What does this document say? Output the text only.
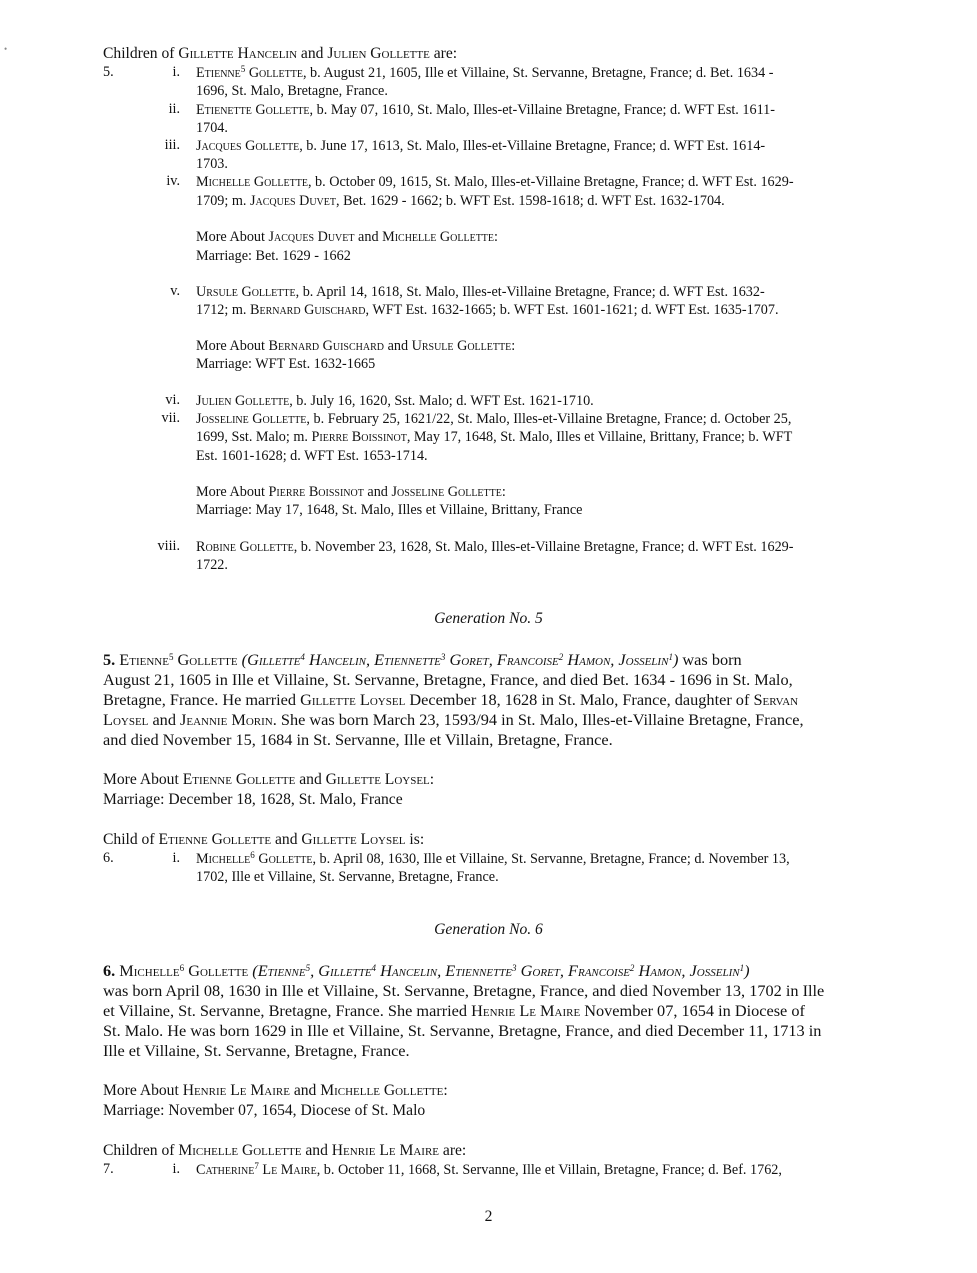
•	Children of Gillette Hancelin and Julien Gollette are:
5.	i. Etienne$^5$ Gollette, b. August 21, 1605, Ille et Villaine, St. Servanne, Bretagne, France; d. Bet. 1634 -
1696, St. Malo, Bretagne, France.
ii. Etienette Gollette, b. May 07, 1610, St. Malo, Illes-et-Villaine Bretagne, France; d. WFT Est. 1611-
1704.
iii. Jacques Gollette, b. June 17, 1613, St. Malo, Illes-et-Villaine Bretagne, France; d. WFT Est. 1614-
1703.
iv. Michelle Gollette, b. October 09, 1615, St. Malo, Illes-et-Villaine Bretagne, France; d. WFT Est. 1629-
1709; m. Jacques Duvet, Bet. 1629 - 1662; b. WFT Est. 1598-1618; d. WFT Est. 1632-1704.
More About Jacques Duvet and Michelle Gollette:
Marriage: Bet. 1629 - 1662
v. Ursule Gollette, b. April 14, 1618, St. Malo, Illes-et-Villaine Bretagne, France; d. WFT Est. 1632-
1712; m. Bernard Guischard, WFT Est. 1632-1665; b. WFT Est. 1601-1621; d. WFT Est. 1635-1707.
More About Bernard Guischard and Ursule Gollette:
Marriage: WFT Est. 1632-1665
vi. Julien Gollette, b. July 16, 1620, Sst. Malo; d. WFT Est. 1621-1710.
vii. Josseline Gollette, b. February 25, 1621/22, St. Malo, Illes-et-Villaine Bretagne, France; d. October 25,
1699, Sst. Malo; m. Pierre Boissinot, May 17, 1648, St. Malo, Illes et Villaine, Brittany, France; b. WFT
Est. 1601-1628; d. WFT Est. 1653-1714.
More About Pierre Boissinot and Josseline Gollette:
Marriage: May 17, 1648, St. Malo, Illes et Villaine, Brittany, France
viii. Robine Gollette, b. November 23, 1628, St. Malo, Illes-et-Villaine Bretagne, France; d. WFT Est. 1629-
1722.
Generation No. 5
5. Etienne$^5$ Gollette (Gillette$^4$ Hancelin, Etiennette$^3$ Goret, Francoise$^2$ Hamon, Josselin$^1$) was born
August 21, 1605 in Ille et Villaine, St. Servanne, Bretagne, France, and died Bet. 1634 - 1696 in St. Malo,
Bretagne, France. He married Gillette Loysel December 18, 1628 in St. Malo, France, daughter of Servan
Loysel and Jeannie Morin. She was born March 23, 1593/94 in St. Malo, Illes-et-Villaine Bretagne, France,
and died November 15, 1684 in St. Servanne, Ille et Villain, Bretagne, France.
More About Etienne Gollette and Gillette Loysel:
Marriage: December 18, 1628, St. Malo, France
Child of Etienne Gollette and Gillette Loysel is:
6.	i. Michelle$^6$ Gollette, b. April 08, 1630, Ille et Villaine, St. Servanne, Bretagne, France; d. November 13,
1702, Ille et Villaine, St. Servanne, Bretagne, France.
Generation No. 6
6. Michelle$^6$ Gollette (Etienne$^5$, Gillette$^4$ Hancelin, Etiennette$^3$ Goret, Francoise$^2$ Hamon, Josselin$^1$)
was born April 08, 1630 in Ille et Villaine, St. Servanne, Bretagne, France, and died November 13, 1702 in Ille
et Villaine, St. Servanne, Bretagne, France. She married Henrie Le Maire November 07, 1654 in Diocese of
St. Malo. He was born 1629 in Ille et Villaine, St. Servanne, Bretagne, France, and died December 11, 1713 in
Ille et Villaine, St. Servanne, Bretagne, France.
More About Henrie Le Maire and Michelle Gollette:
Marriage: November 07, 1654, Diocese of St. Malo
Children of Michelle Gollette and Henrie Le Maire are:
7.	i. Catherine$^7$ Le Maire, b. October 11, 1668, St. Servanne, Ille et Villain, Bretagne, France; d. Bef. 1762,
2
